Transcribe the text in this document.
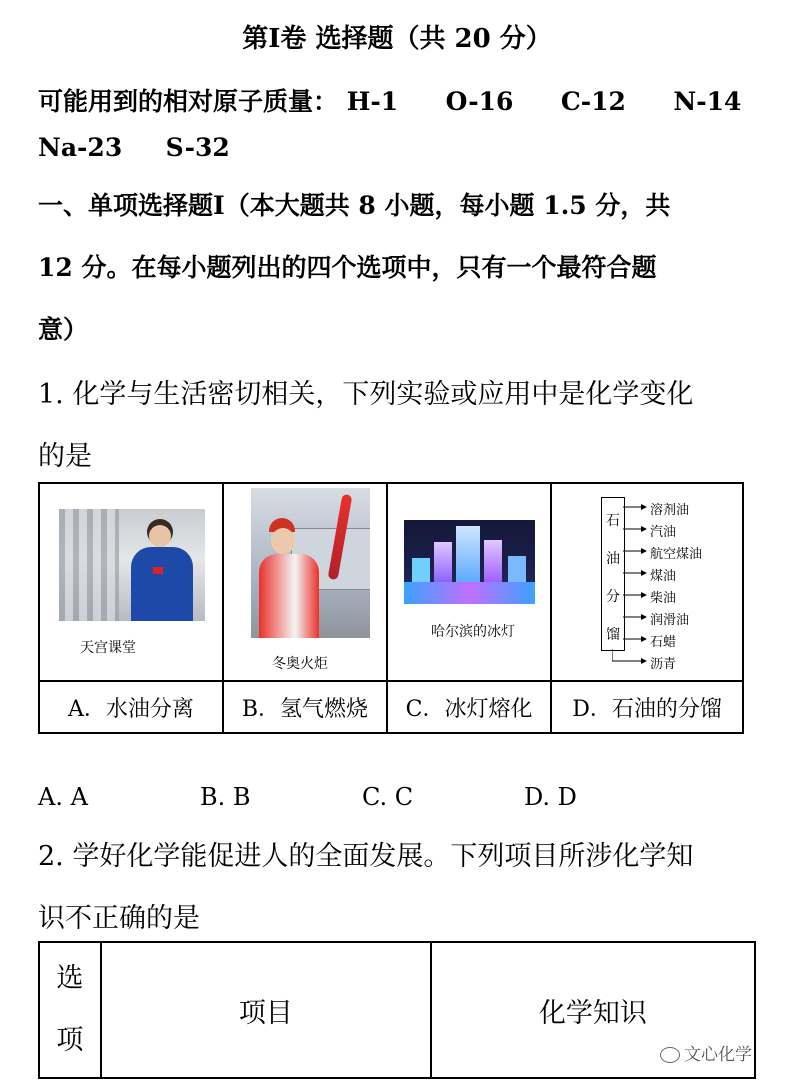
第Ⅰ卷 选择题（共 20 分）
可能用到的相对原子质量： H-1 O-16 C-12 N-14
Na-23 S-32
一、单项选择题Ⅰ（本大题共 8 小题，每小题 1.5 分，共
12 分。在每小题列出的四个选项中，只有一个最符合题
意）
1. 化学与生活密切相关，下列实验或应用中是化学变化
的是

A．水油分离	B．氢气燃烧	C．冰灯熔化	D．石油的分馏
天宫课堂
冬奥火炬
哈尔滨的冰灯
石
油
分
馏
溶剂油
汽油
航空煤油
煤油
柴油
润滑油
石蜡
沥青
A. A	B. B	C. C	D. D
2. 学好化学能促进人的全面发展。下列项目所涉化学知
识不正确的是
选
项
	项目	化学知识
文心化学
